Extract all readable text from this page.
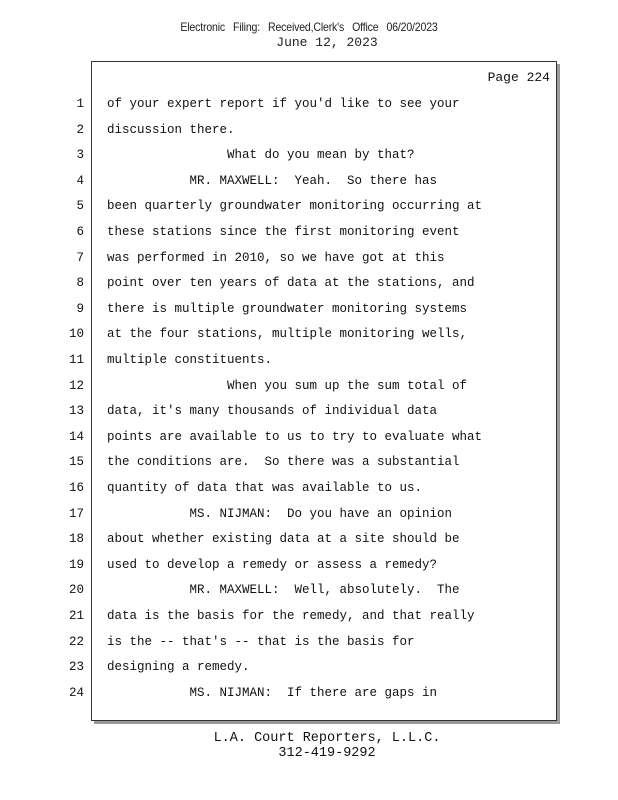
Electronic Filing: Received,Clerk's Office 06/20/2023
June 12, 2023
Page 224
1 of your expert report if you'd like to see your
2 discussion there.
3 What do you mean by that?
4 MR. MAXWELL:  Yeah.  So there has
5 been quarterly groundwater monitoring occurring at
6 these stations since the first monitoring event
7 was performed in 2010, so we have got at this
8 point over ten years of data at the stations, and
9 there is multiple groundwater monitoring systems
10 at the four stations, multiple monitoring wells,
11 multiple constituents.
12 When you sum up the sum total of
13 data, it's many thousands of individual data
14 points are available to us to try to evaluate what
15 the conditions are.  So there was a substantial
16 quantity of data that was available to us.
17 MS. NIJMAN:  Do you have an opinion
18 about whether existing data at a site should be
19 used to develop a remedy or assess a remedy?
20 MR. MAXWELL:  Well, absolutely.  The
21 data is the basis for the remedy, and that really
22 is the -- that's -- that is the basis for
23 designing a remedy.
24 MS. NIJMAN:  If there are gaps in
L.A. Court Reporters, L.L.C.
312-419-9292
